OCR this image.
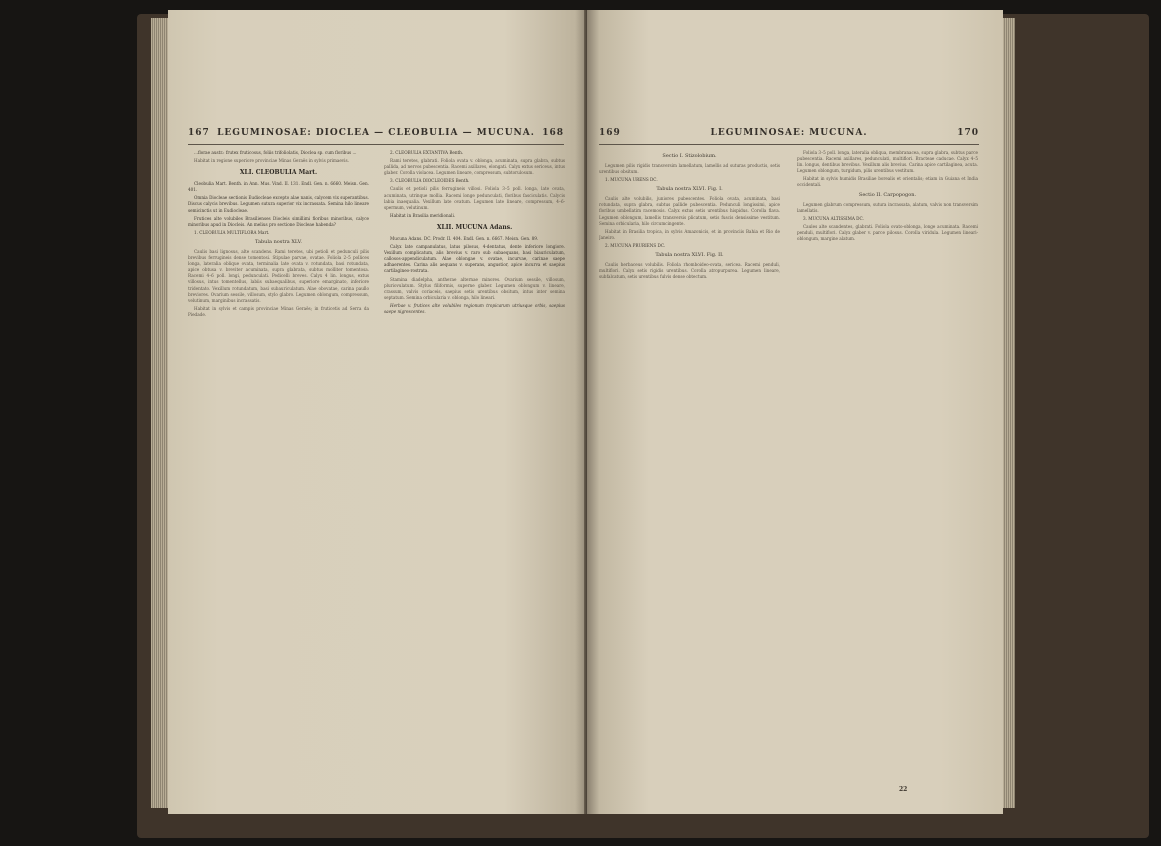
167 LEGUMINOSAE: DIOCLEA — CLEOBULIA — MUCUNA. 168

...florae austr.: frutex fruticosus, foliis trifoliolatis, Dioclea sp. cum floribus ...

Habitat in regione superiore provinciae Minas Geraës in sylvis primaevis.

XLI. CLEOBULIA Mart.

Cleobulia Mart. Benth. in Ann. Mus. Vind. II. 131. Endl. Gen. n. 6660. Meisn. Gen. 401.

Omnia Diocleae sectionis Eudiocleae excepto alae nanis, calycem vix superantibus. Discus calycis brevibus. Legumen sutura superior vix incrassata. Semina hilo lineare semicinctis ut in Eudiocleae.

Frutices alte volubiles Brasilienses Diocleis simillimi floribus minoribus, calyce minoribus apud in Diocleis. An melius pro sectione Diocleae habenda?

1. CLEOBULIA MULTIFLORA Mart.

Tabula nostra XLV.

Caulis basi lignosus, alte scandens. Rami teretes, ubi petioli et pedunculi pilis brevibus ferrugineis dense tomentosi. Stipulae parvae, ovatae. Foliola 2–5 pollices longa, lateralia oblique ovata, terminalia late ovata v. rotundata, basi rotundata, apice obtusa v. breviter acuminata, supra glabrata, subtus molliter tomentosa. Racemi 4–6 poll. longi, pedunculati. Pedicelli breves. Calyx 4 lin. longus, extus villosus, intus tomentellus, labiis subaequalibus, superiore emarginato, inferiore tridentato. Vexillum rotundatum, basi subauriculatum. Alae obovatae, carina paullo breviores. Ovarium sessile, villosum, stylo glabro. Legumen oblongum, compressum, velutinum, marginibus incrassatis.

Habitat in sylvis et campis provinciae Minas Geraës; in fruticetis ad Serra da Piedade.

2. CLEOBULIA EXTANTIVA Benth.

Rami teretes, glabrati. Foliola ovata v. oblonga, acuminata, supra glabra, subtus pallida, ad nervos pubescentia. Racemi axillares, elongati. Calyx extus sericeus, intus glaber. Corolla violacea. Legumen lineare, compressum, subtorulosum.

3. CLEOBULIA DIOCLEOIDES Benth.

Caulis et petioli pilis ferrugineis villosi. Foliola 3–5 poll. longa, late ovata, acuminata, utrinque mollia. Racemi longe pedunculati, floribus fasciculatis. Calycis labia inaequalia. Vexillum late ovatum. Legumen late lineare, compressum, 4–6-spermum, velutinum.

Habitat in Brasilia meridionali.

XLII. MUCUNA Adans.

Mucuna Adans. DC. Prodr. II. 404. Endl. Gen. n. 6667. Meisn. Gen. 89.

Calyx late campanulatus, latus pilosus, 4-dentatus, dente inferiore longiore. Vexillum complicatum, alis brevius v. raro sub subaequans, basi biauriculatum, callosos-appendiculatum. Alae oblongae v. ovatae, incurvae, carinae saepe adhaerentes. Carina alis aequans v. superans, angustior, apice incurva et saepius cartilagineo-rostrata.

Stamina diadelpha, antherae alternae minores. Ovarium sessile, villosum, pluriovulatum. Stylus filiformis, superne glaber. Legumen oblongum v. lineare, crassum, valvis coriaceis, saepius setis urentibus obsitum, intus inter semina septatum. Semina orbicularia v. oblonga, hilo lineari.

Herbae v. frutices alte volubiles regionum tropicarum utriusque orbis, saepius saepe nigrescentes.

169	LEGUMINOSAE: MUCUNA.	170
Sectio I. Stizolobium.

Legumen pilis rigidis transversim lamellatum, lamellis ad suturas productis, setis urentibus obsitum.

1. MUCUNA URENS DC.

Tabula nostra XLVI. Fig. I.

Caulis alte volubilis, juniores pubescentes. Foliola ovata, acuminata, basi rotundata, supra glabra, subtus pallide pubescentia. Pedunculi longissimi, apice floribus umbellatim racemosis. Calyx extus setis urentibus hispidus. Corolla flava. Legumen oblongum, lamellis transversis plicatum, setis fuscis densissime vestitum. Semina orbicularia, hilo circumcingente.

Habitat in Brasilia tropica, in sylvis Amazonicis, et in provinciis Bahia et Rio de Janeiro.

2. MUCUNA PRURIENS DC.

Tabula nostra XLVI. Fig. II.

Caulis herbaceus volubilis. Foliola rhomboideo-ovata, sericea. Racemi penduli, multiflori. Calyx setis rigidis urentibus. Corolla atropurpurea. Legumen lineare, subfalcatum, setis urentibus fulvis dense obtectum.

Foliola 3–5 poll. longa, lateralia obliqua, membranacea, supra glabra, subtus parce pubescentia. Racemi axillares, pedunculati, multiflori. Bracteae caducae. Calyx 4–5 lin. longus, dentibus brevibus. Vexillum alis brevius. Carina apice cartilaginea, acuta. Legumen oblongum, turgidum, pilis urentibus vestitum.

Habitat in sylvis humidis Brasiliae borealis et orientalis; etiam in Guiana et India occidentali.

Sectio II. Carpopogon.

Legumen glabrum compressum, sutura incrassata, alatum, valvis non transversim lamellatis.

3. MUCUNA ALTISSIMA DC.

Caules alte scandentes, glabrati. Foliola ovato-oblonga, longe acuminata. Racemi penduli, multiflori. Calyx glaber v. parce pilosus. Corolla viridula. Legumen lineari-oblongum, margine alatum.

22
